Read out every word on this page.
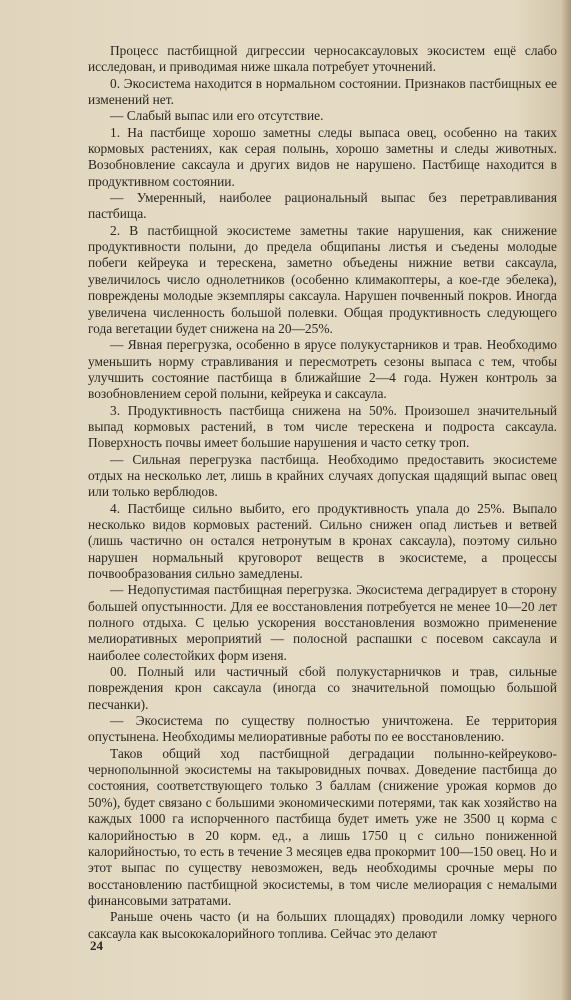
Процесс пастбищной дигрессии черносаксауловых экосистем ещё слабо исследован, и приводимая ниже шкала потребует уточнений.

0. Экосистема находится в нормальном состоянии. Признаков пастбищных ее изменений нет.

— Слабый выпас или его отсутствие.

1. На пастбище хорошо заметны следы выпаса овец, особенно на таких кормовых растениях, как серая полынь, хорошо заметны и следы животных. Возобновление саксаула и других видов не нарушено. Пастбище находится в продуктивном состоянии.

— Умеренный, наиболее рациональный выпас без перетравливания пастбища.

2. В пастбищной экосистеме заметны такие нарушения, как снижение продуктивности полыни, до предела общипаны листья и съедены молодые побеги кейреука и терескена, заметно объедены нижние ветви саксаула, увеличилось число однолетников (особенно климакоптеры, а кое-где эбелека), повреждены молодые экземпляры саксаула. Нарушен почвенный покров. Иногда увеличена численность большой полевки. Общая продуктивность следующего года вегетации будет снижена на 20—25%.

— Явная перегрузка, особенно в ярусе полукустарников и трав. Необходимо уменьшить норму стравливания и пересмотреть сезоны выпаса с тем, чтобы улучшить состояние пастбища в ближайшие 2—4 года. Нужен контроль за возобновлением серой полыни, кейреука и саксаула.

3. Продуктивность пастбища снижена на 50%. Произошел значительный выпад кормовых растений, в том числе терескена и подроста саксаула. Поверхность почвы имеет большие нарушения и часто сетку троп.

— Сильная перегрузка пастбища. Необходимо предоставить экосистеме отдых на несколько лет, лишь в крайних случаях допуская щадящий выпас овец или только верблюдов.

4. Пастбище сильно выбито, его продуктивность упала до 25%. Выпало несколько видов кормовых растений. Сильно снижен опад листьев и ветвей (лишь частично он остался нетронутым в кронах саксаула), поэтому сильно нарушен нормальный круговорот веществ в экосистеме, а процессы почвообразования сильно замедлены.

— Недопустимая пастбищная перегрузка. Экосистема деградирует в сторону большей опустынности. Для ее восстановления потребуется не менее 10—20 лет полного отдыха. С целью ускорения восстановления возможно применение мелиоративных мероприятий — полосной распашки с посевом саксаула и наиболее солестойких форм изеня.

00. Полный или частичный сбой полукустарничков и трав, сильные повреждения крон саксаула (иногда со значительной помощью большой песчанки).

— Экосистема по существу полностью уничтожена. Ее территория опустынена. Необходимы мелиоративные работы по ее восстановлению.

Таков общий ход пастбищной деградации полынно-кейреуково-чернополынной экосистемы на такыровидных почвах. Доведение пастбища до состояния, соответствующего только 3 баллам (снижение урожая кормов до 50%), будет связано с большими экономическими потерями, так как хозяйство на каждых 1000 га испорченного пастбища будет иметь уже не 3500 ц корма с калорийностью в 20 корм. ед., а лишь 1750 ц с сильно пониженной калорийностью, то есть в течение 3 месяцев едва прокормит 100—150 овец. Но и этот выпас по существу невозможен, ведь необходимы срочные меры по восстановлению пастбищной экосистемы, в том числе мелиорация с немалыми финансовыми затратами.

Раньше очень часто (и на больших площадях) проводили ломку черного саксаула как высококалорийного топлива. Сейчас это делают

24
